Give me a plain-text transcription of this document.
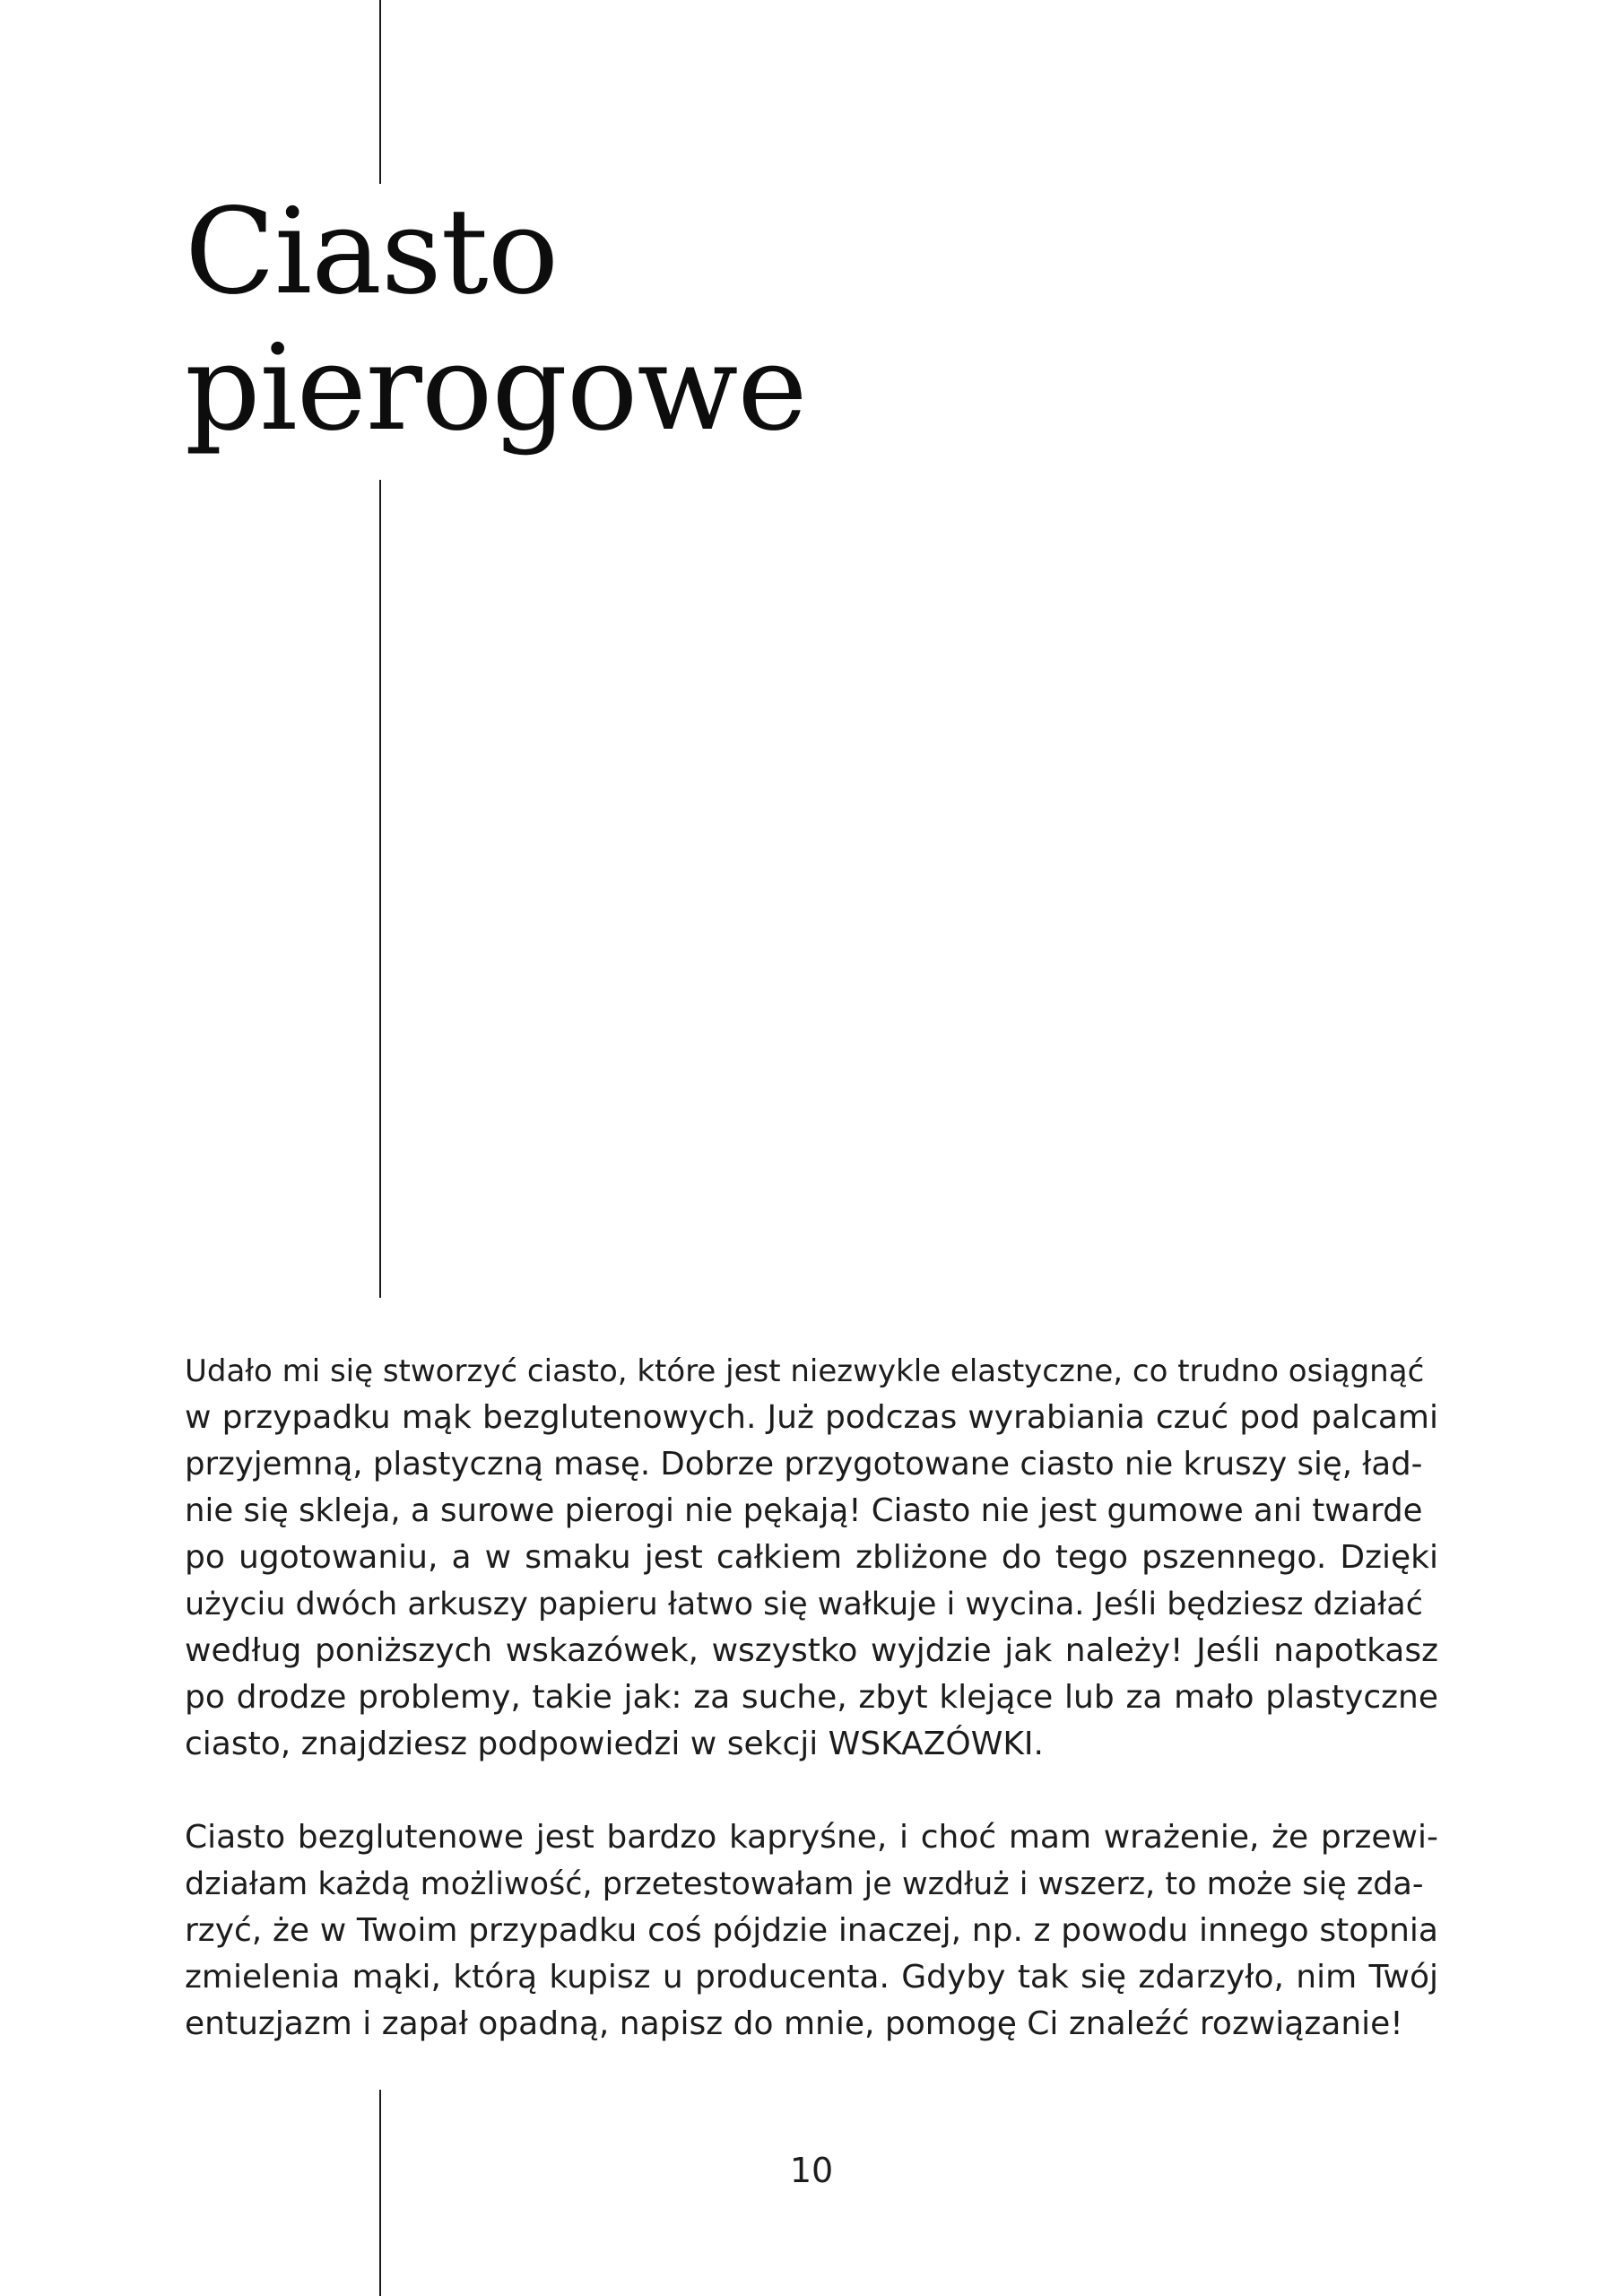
Ciasto
pierogowe

Udało mi się stworzyć ciasto, które jest niezwykle elastyczne, co trudno osiągnąć
w przypadku mąk bezglutenowych. Już podczas wyrabiania czuć pod palcami
przyjemną, plastyczną masę. Dobrze przygotowane ciasto nie kruszy się, ład-
nie się skleja, a surowe pierogi nie pękają! Ciasto nie jest gumowe ani twarde
po ugotowaniu, a w smaku jest całkiem zbliżone do tego pszennego. Dzięki
użyciu dwóch arkuszy papieru łatwo się wałkuje i wycina. Jeśli będziesz działać
według poniższych wskazówek, wszystko wyjdzie jak należy! Jeśli napotkasz
po drodze problemy, takie jak: za suche, zbyt klejące lub za mało plastyczne
ciasto, znajdziesz podpowiedzi w sekcji WSKAZÓWKI.

Ciasto bezglutenowe jest bardzo kapryśne, i choć mam wrażenie, że przewi-
działam każdą możliwość, przetestowałam je wzdłuż i wszerz, to może się zda-
rzyć, że w Twoim przypadku coś pójdzie inaczej, np. z powodu innego stopnia
zmielenia mąki, którą kupisz u producenta. Gdyby tak się zdarzyło, nim Twój
entuzjazm i zapał opadną, napisz do mnie, pomogę Ci znaleźć rozwiązanie!

10
